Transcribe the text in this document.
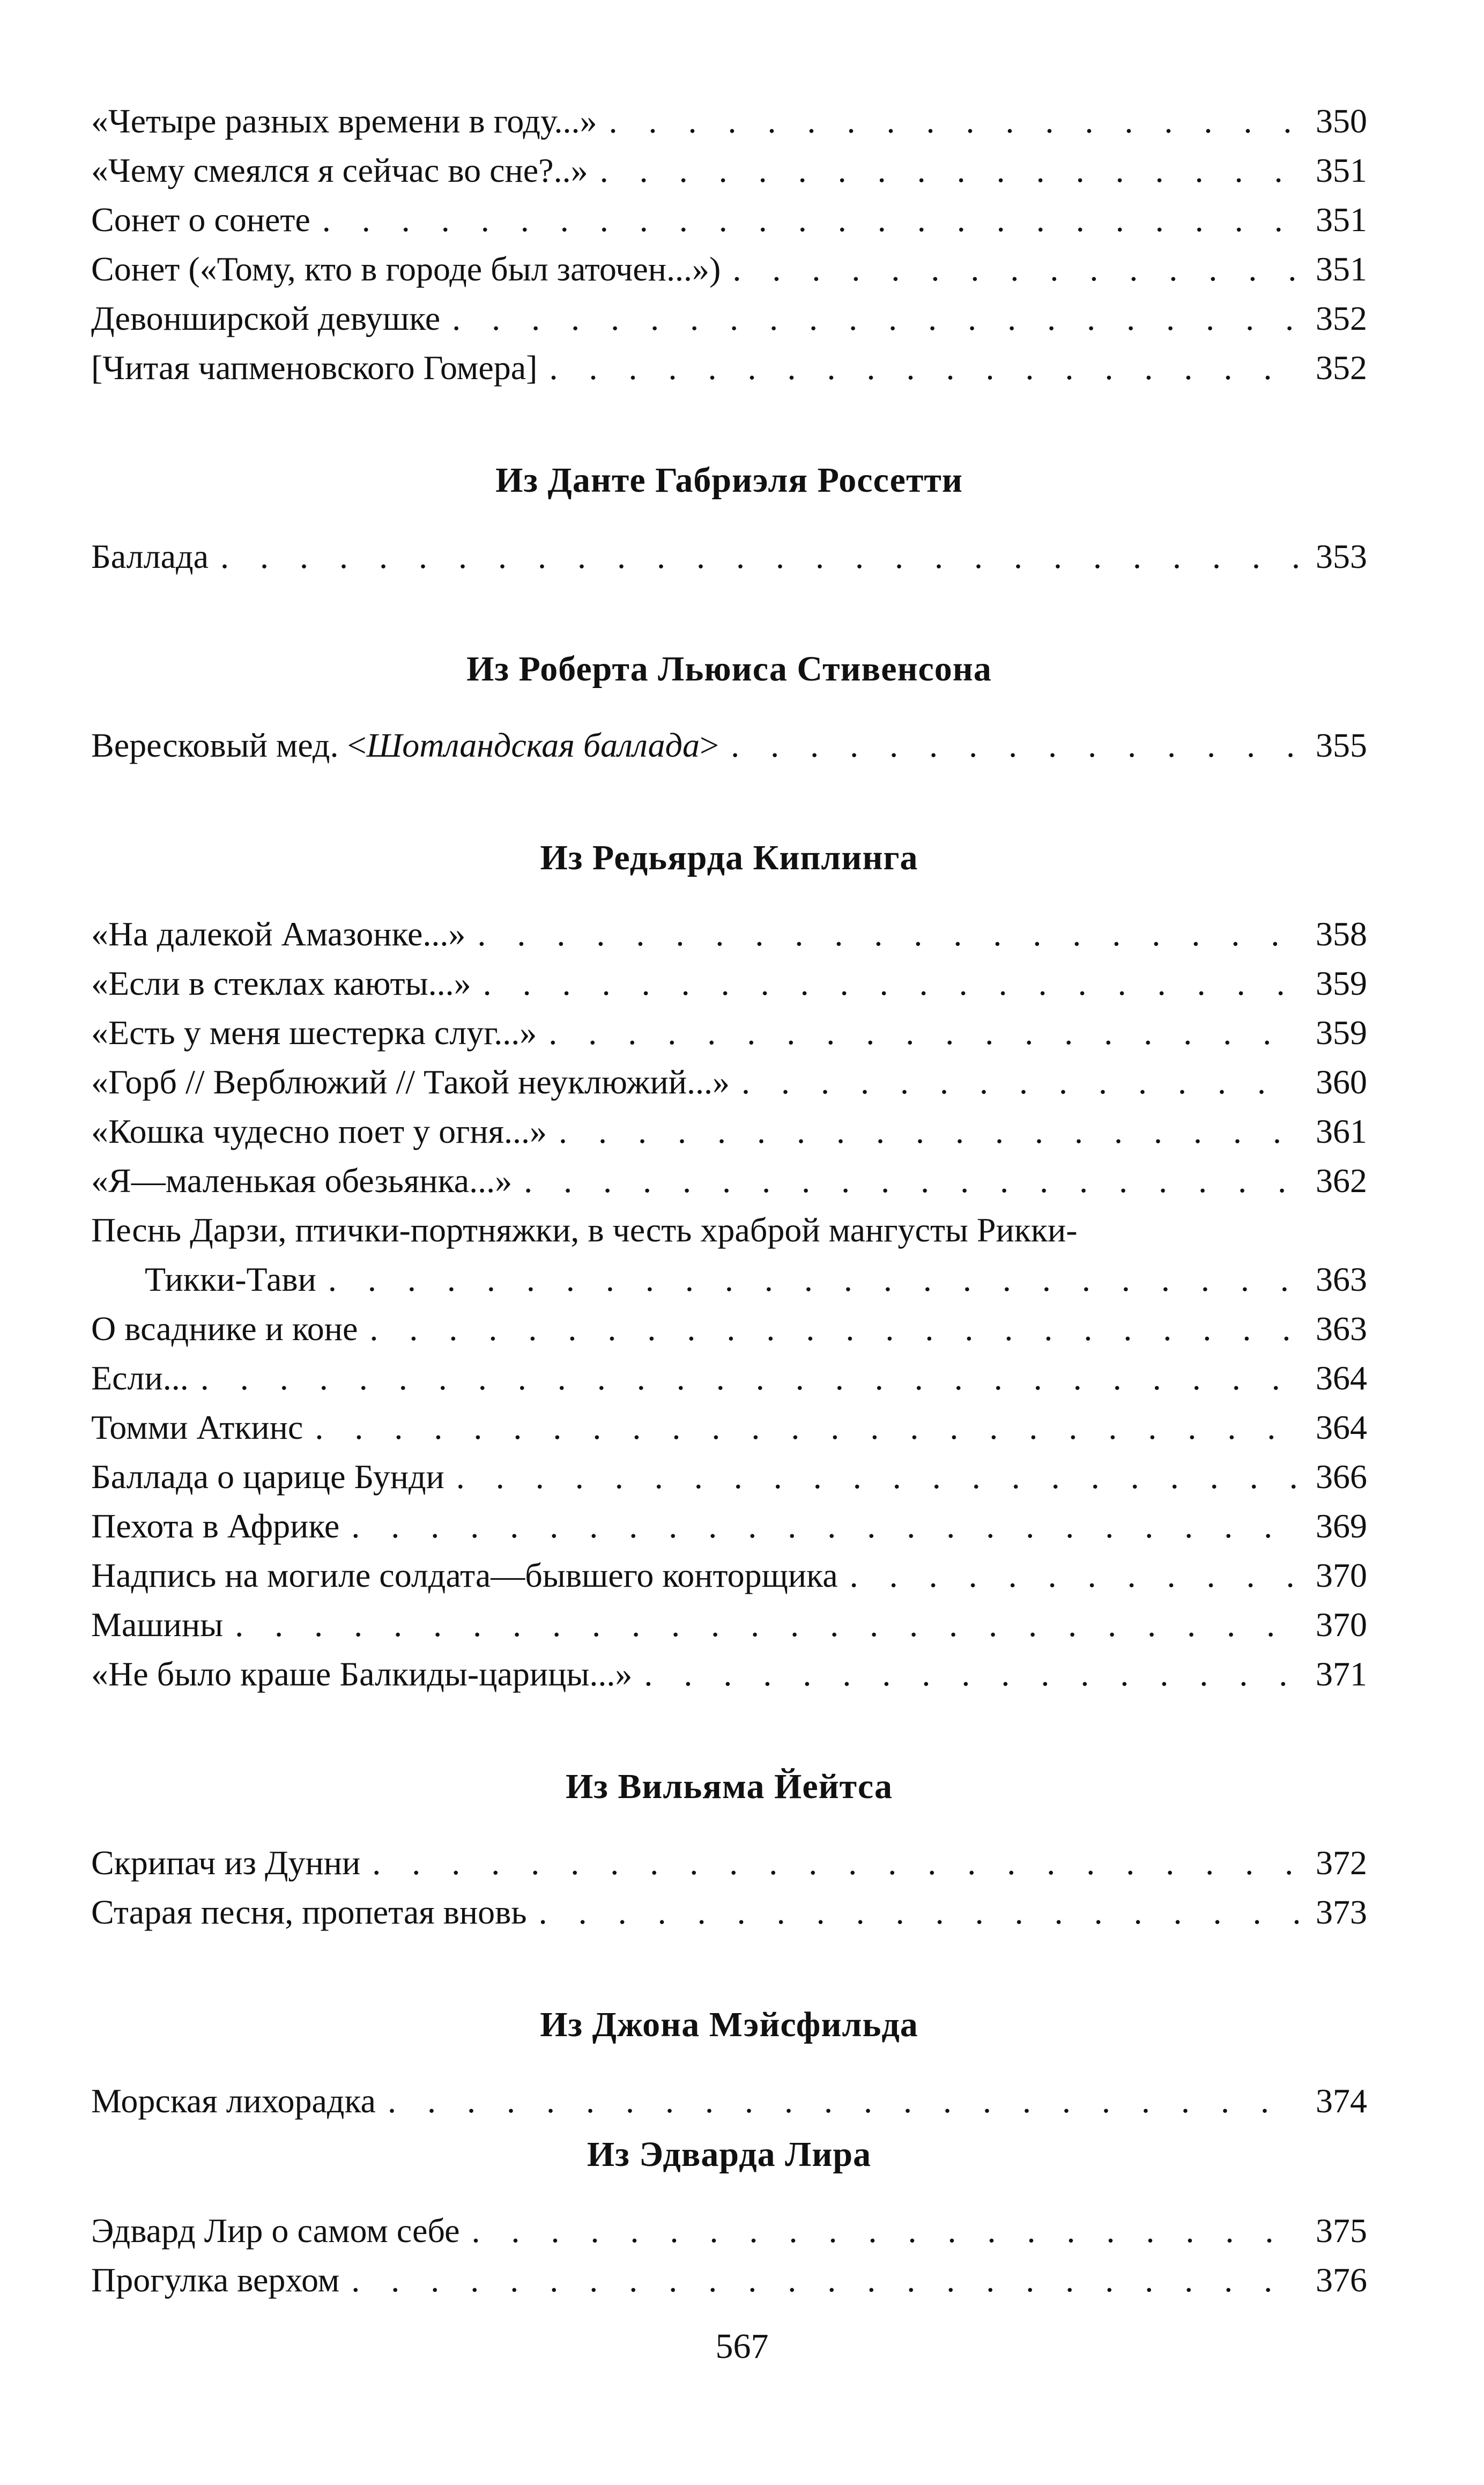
«Четыре разных времени в году...» . . .	350
«Чему смеялся я сейчас во сне?..» . . .	351
Сонет о сонете . . .	351
Сонет («Тому, кто в городе был заточен...») . . .	351
Девонширской девушке . . .	352
[Читая чапменовского Гомера] . . .	352
Из Данте Габриэля Россетти
Баллада . . .	353
Из Роберта Льюиса Стивенсона
Вересковый мед. <Шотландская баллада> . . .	355
Из Редьярда Киплинга
«На далекой Амазонке...» . . .	358
«Если в стеклах каюты...» . . .	359
«Есть у меня шестерка слуг...» . . .	359
«Горб // Верблюжий // Такой неуклюжий...» . . .	360
«Кошка чудесно поет у огня...» . . .	361
«Я—маленькая обезьянка...» . . .	362
Песнь Дарзи, птички-портняжки, в честь храброй мангусты Рикки-
Тикки-Тави . . .	363
О всаднике и коне . . .	363
Если... . . .	364
Томми Аткинс . . .	364
Баллада о царице Бунди . . .	366
Пехота в Африке . . .	369
Надпись на могиле солдата—бывшего конторщика . . .	370
Машины . . .	370
«Не было краше Балкиды-царицы...» . . .	371
Из Вильяма Йейтса
Скрипач из Дунни . . .	372
Старая песня, пропетая вновь . . .	373
Из Джона Мэйсфильда
Морская лихорадка . . .	374
Из Эдварда Лира
Эдвард Лир о самом себе . . .	375
Прогулка верхом . . .	376
567
